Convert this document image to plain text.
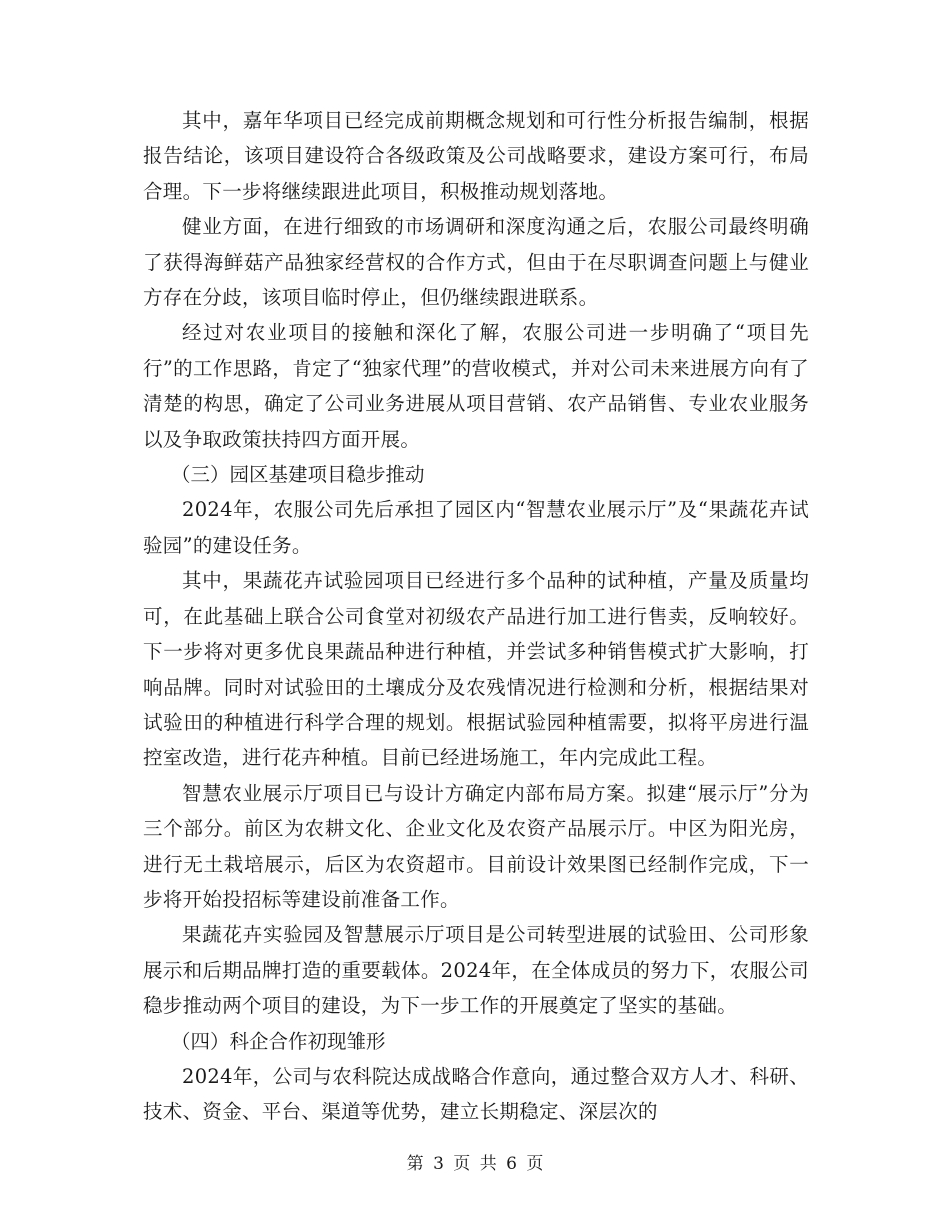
其中，嘉年华项目已经完成前期概念规划和可行性分析报告编制，根据报告结论，该项目建设符合各级政策及公司战略要求，建设方案可行，布局合理。下一步将继续跟进此项目，积极推动规划落地。

健业方面，在进行细致的市场调研和深度沟通之后，农服公司最终明确了获得海鲜菇产品独家经营权的合作方式，但由于在尽职调查问题上与健业方存在分歧，该项目临时停止，但仍继续跟进联系。

经过对农业项目的接触和深化了解，农服公司进一步明确了“项目先行”的工作思路，肯定了“独家代理”的营收模式，并对公司未来进展方向有了清楚的构思，确定了公司业务进展从项目营销、农产品销售、专业农业服务以及争取政策扶持四方面开展。

（三）园区基建项目稳步推动

2024年，农服公司先后承担了园区内“智慧农业展示厅”及“果蔬花卉试验园”的建设任务。

其中，果蔬花卉试验园项目已经进行多个品种的试种植，产量及质量均可，在此基础上联合公司食堂对初级农产品进行加工进行售卖，反响较好。下一步将对更多优良果蔬品种进行种植，并尝试多种销售模式扩大影响，打响品牌。同时对试验田的土壤成分及农残情况进行检测和分析，根据结果对试验田的种植进行科学合理的规划。根据试验园种植需要，拟将平房进行温控室改造，进行花卉种植。目前已经进场施工，年内完成此工程。

智慧农业展示厅项目已与设计方确定内部布局方案。拟建“展示厅”分为三个部分。前区为农耕文化、企业文化及农资产品展示厅。中区为阳光房，进行无土栽培展示，后区为农资超市。目前设计效果图已经制作完成，下一步将开始投招标等建设前准备工作。

果蔬花卉实验园及智慧展示厅项目是公司转型进展的试验田、公司形象展示和后期品牌打造的重要载体。2024年，在全体成员的努力下，农服公司稳步推动两个项目的建设，为下一步工作的开展奠定了坚实的基础。

（四）科企合作初现雏形

2024年，公司与农科院达成战略合作意向，通过整合双方人才、科研、技术、资金、平台、渠道等优势，建立长期稳定、深层次的

第 3 页 共 6 页
